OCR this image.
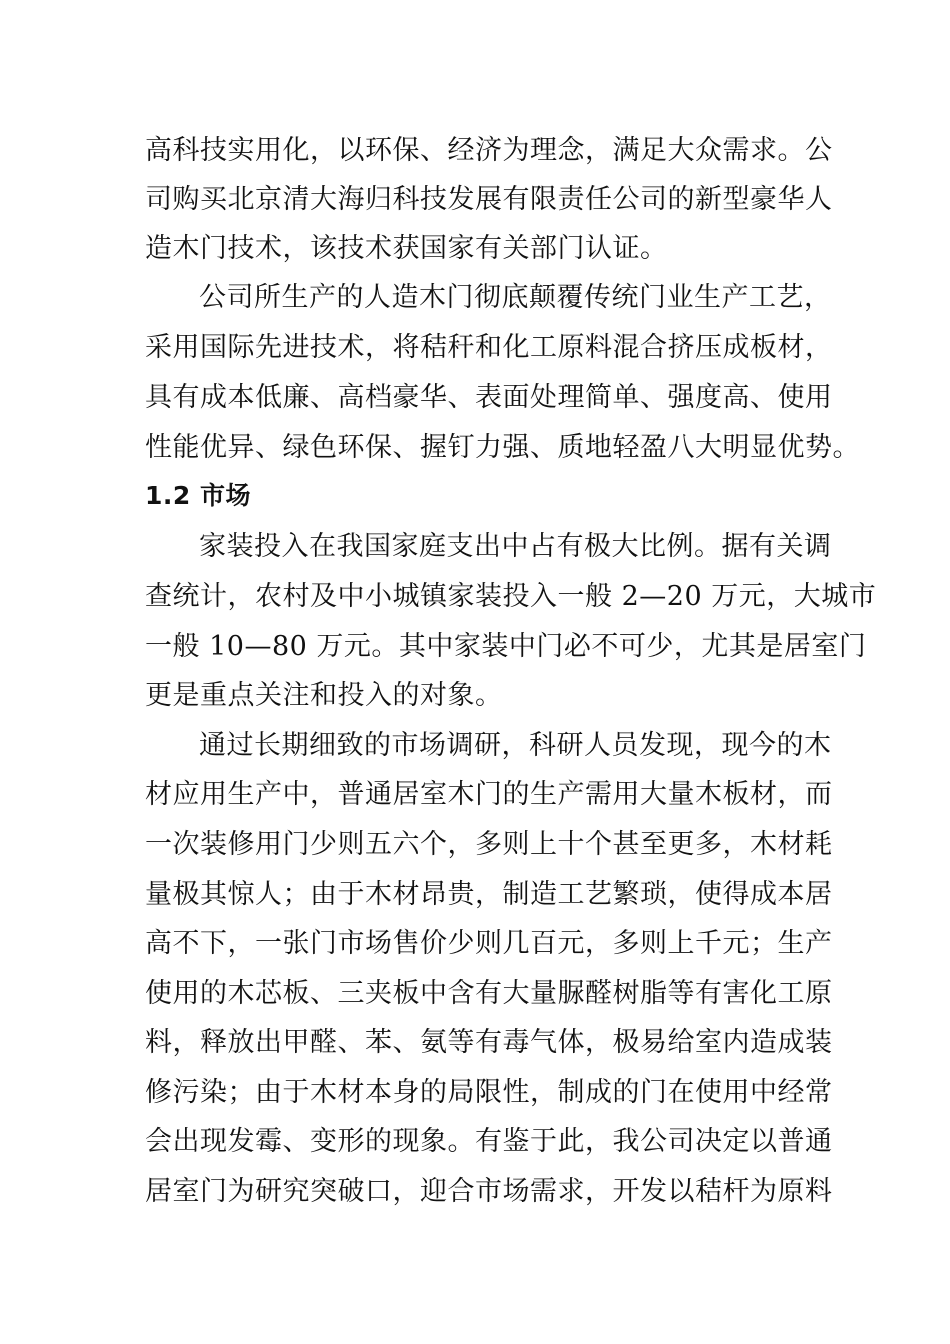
高科技实用化，以环保、经济为理念，满足大众需求。公
司购买北京清大海归科技发展有限责任公司的新型豪华人
造木门技术，该技术获国家有关部门认证。
公司所生产的人造木门彻底颠覆传统门业生产工艺，
采用国际先进技术，将秸秆和化工原料混合挤压成板材，
具有成本低廉、高档豪华、表面处理简单、强度高、使用
性能优异、绿色环保、握钉力强、质地轻盈八大明显优势。
1.2 市场
家装投入在我国家庭支出中占有极大比例。据有关调
查统计，农村及中小城镇家装投入一般 2—20 万元，大城市
一般 10—80 万元。其中家装中门必不可少，尤其是居室门
更是重点关注和投入的对象。
通过长期细致的市场调研，科研人员发现，现今的木
材应用生产中，普通居室木门的生产需用大量木板材，而
一次装修用门少则五六个，多则上十个甚至更多，木材耗
量极其惊人；由于木材昂贵，制造工艺繁琐，使得成本居
高不下，一张门市场售价少则几百元，多则上千元；生产
使用的木芯板、三夹板中含有大量脲醛树脂等有害化工原
料，释放出甲醛、苯、氨等有毒气体，极易给室内造成装
修污染；由于木材本身的局限性，制成的门在使用中经常
会出现发霉、变形的现象。有鉴于此，我公司决定以普通
居室门为研究突破口，迎合市场需求，开发以秸杆为原料
